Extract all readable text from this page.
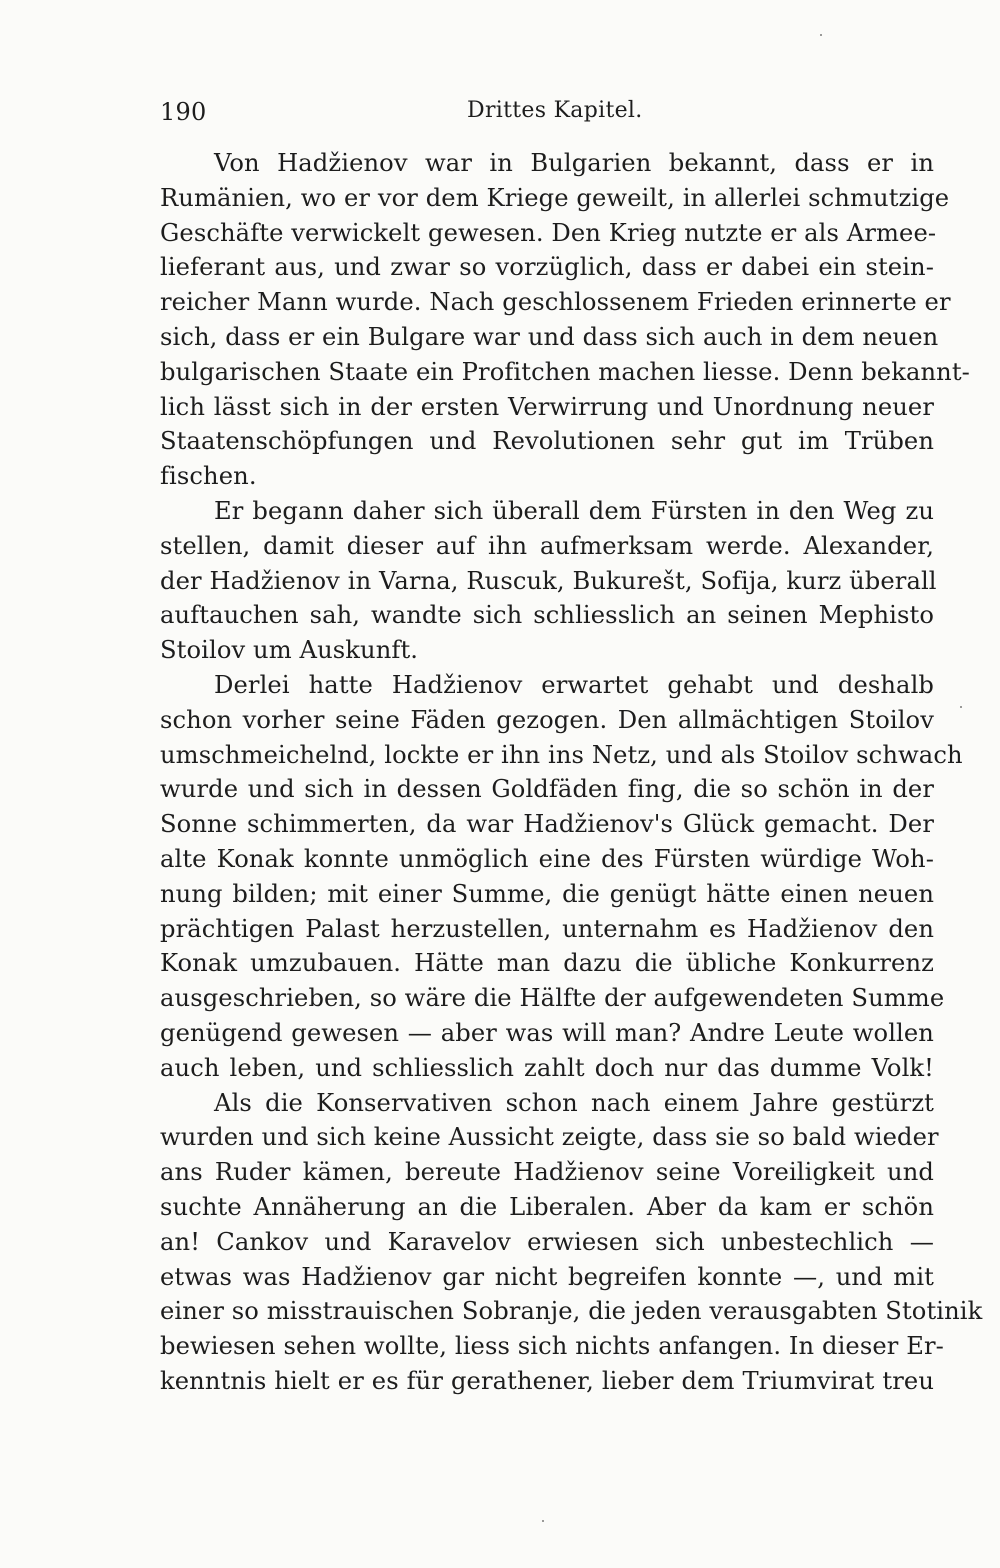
190	Drittes Kapitel.
Von Hadžienov war in Bulgarien bekannt, dass er in
Rumänien, wo er vor dem Kriege geweilt, in allerlei schmutzige
Geschäfte verwickelt gewesen. Den Krieg nutzte er als Armee-
lieferant aus, und zwar so vorzüglich, dass er dabei ein stein-
reicher Mann wurde. Nach geschlossenem Frieden erinnerte er
sich, dass er ein Bulgare war und dass sich auch in dem neuen
bulgarischen Staate ein Profitchen machen liesse. Denn bekannt-
lich lässt sich in der ersten Verwirrung und Unordnung neuer
Staatenschöpfungen und Revolutionen sehr gut im Trüben
fischen.
Er begann daher sich überall dem Fürsten in den Weg zu
stellen, damit dieser auf ihn aufmerksam werde. Alexander,
der Hadžienov in Varna, Ruscuk, Bukurešt, Sofija, kurz überall
auftauchen sah, wandte sich schliesslich an seinen Mephisto
Stoilov um Auskunft.
Derlei hatte Hadžienov erwartet gehabt und deshalb
schon vorher seine Fäden gezogen. Den allmächtigen Stoilov
umschmeichelnd, lockte er ihn ins Netz, und als Stoilov schwach
wurde und sich in dessen Goldfäden fing, die so schön in der
Sonne schimmerten, da war Hadžienov's Glück gemacht. Der
alte Konak konnte unmöglich eine des Fürsten würdige Woh-
nung bilden; mit einer Summe, die genügt hätte einen neuen
prächtigen Palast herzustellen, unternahm es Hadžienov den
Konak umzubauen. Hätte man dazu die übliche Konkurrenz
ausgeschrieben, so wäre die Hälfte der aufgewendeten Summe
genügend gewesen — aber was will man? Andre Leute wollen
auch leben, und schliesslich zahlt doch nur das dumme Volk!
Als die Konservativen schon nach einem Jahre gestürzt
wurden und sich keine Aussicht zeigte, dass sie so bald wieder
ans Ruder kämen, bereute Hadžienov seine Voreiligkeit und
suchte Annäherung an die Liberalen. Aber da kam er schön
an! Cankov und Karavelov erwiesen sich unbestechlich —
etwas was Hadžienov gar nicht begreifen konnte —, und mit
einer so misstrauischen Sobranje, die jeden verausgabten Stotinik
bewiesen sehen wollte, liess sich nichts anfangen. In dieser Er-
kenntnis hielt er es für gerathener, lieber dem Triumvirat treu
